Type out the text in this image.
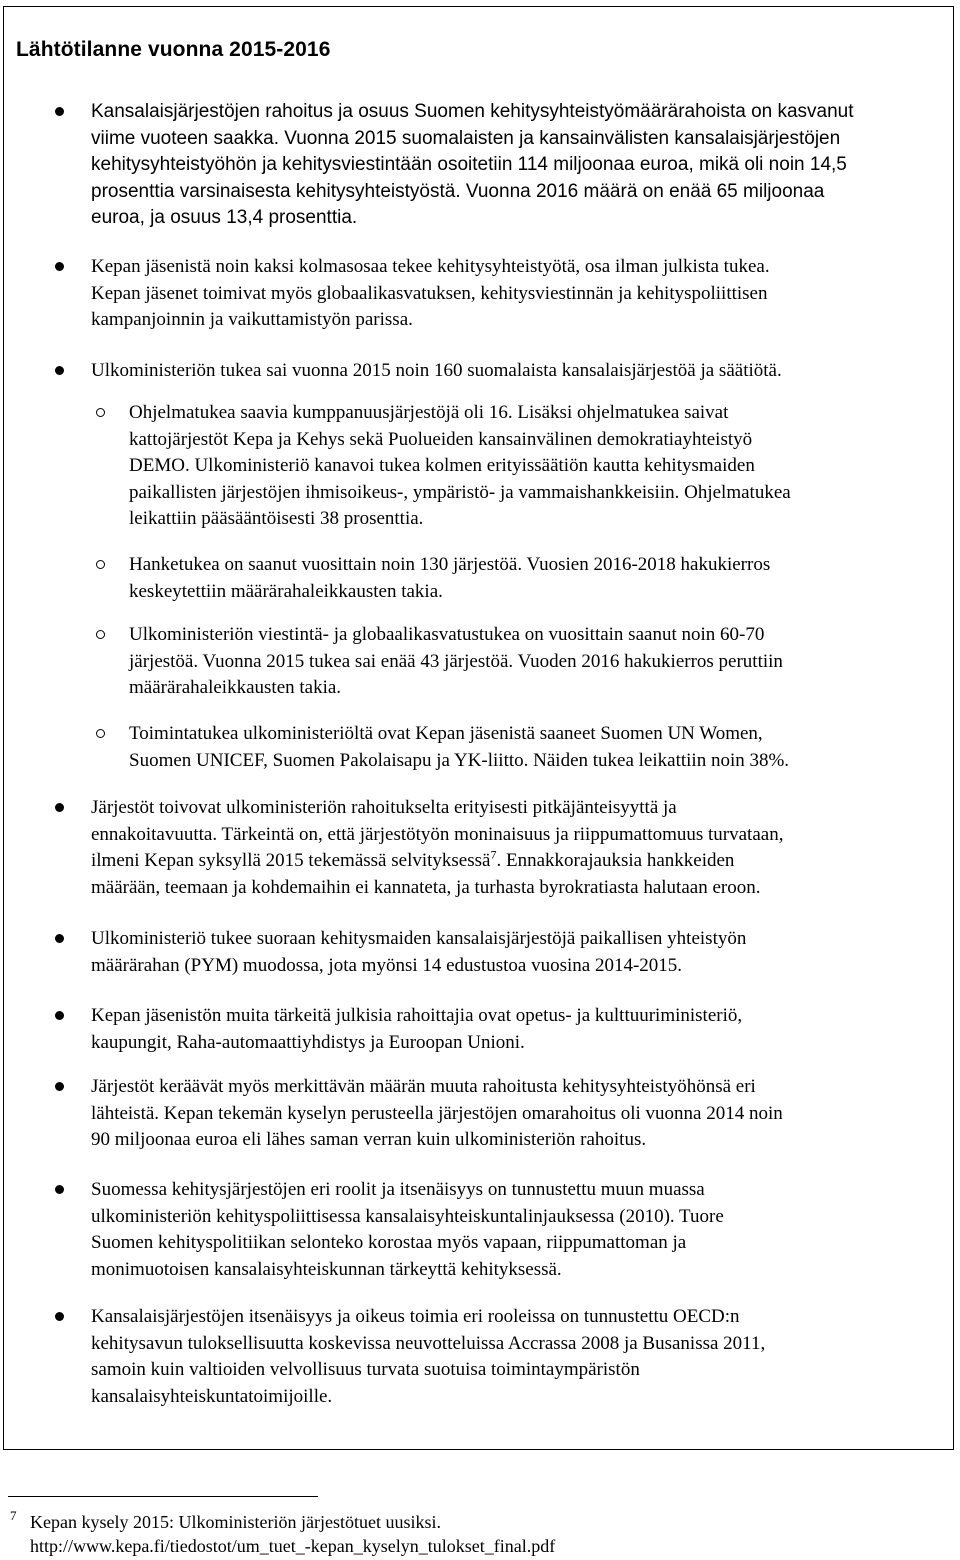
Lähtötilanne vuonna 2015-2016
Kansalaisjärjestöjen rahoitus ja osuus Suomen kehitysyhteistyömäärärahoista on kasvanut
viime vuoteen saakka. Vuonna 2015 suomalaisten ja kansainvälisten kansalaisjärjestöjen
kehitysyhteistyöhön ja kehitysviestintään osoitetiin 114 miljoonaa euroa, mikä oli noin 14,5
prosenttia varsinaisesta kehitysyhteistyöstä. Vuonna 2016 määrä on enää 65 miljoonaa
euroa, ja osuus 13,4 prosenttia.
Kepan jäsenistä noin kaksi kolmasosaa tekee kehitysyhteistyötä, osa ilman julkista tukea.
Kepan jäsenet toimivat myös globaalikasvatuksen, kehitysviestinnän ja kehityspoliittisen
kampanjoinnin ja vaikuttamistyön parissa.
Ulkoministeriön tukea sai vuonna 2015 noin 160 suomalaista kansalaisjärjestöä ja säätiötä.
Ohjelmatukea saavia kumppanuusjärjestöjä oli 16. Lisäksi ohjelmatukea saivat
kattojärjestöt Kepa ja Kehys sekä Puolueiden kansainvälinen demokratiayhteistyö
DEMO. Ulkoministeriö kanavoi tukea kolmen erityissäätiön kautta kehitysmaiden
paikallisten järjestöjen ihmisoikeus-, ympäristö- ja vammaishankkeisiin. Ohjelmatukea
leikattiin pääsääntöisesti 38 prosenttia.
Hanketukea on saanut vuosittain noin 130 järjestöä. Vuosien 2016-2018 hakukierros
keskeytettiin määrärahaleikkausten takia.
Ulkoministeriön viestintä- ja globaalikasvatustukea on vuosittain saanut noin 60-70
järjestöä. Vuonna 2015 tukea sai enää 43 järjestöä. Vuoden 2016 hakukierros peruttiin
määrärahaleikkausten takia.
Toimintatukea ulkoministeriöltä ovat Kepan jäsenistä saaneet Suomen UN Women,
Suomen UNICEF, Suomen Pakolaisapu ja YK-liitto. Näiden tukea leikattiin noin 38%.
Järjestöt toivovat ulkoministeriön rahoitukselta erityisesti pitkäjänteisyyttä ja
ennakoitavuutta. Tärkeintä on, että järjestötyön moninaisuus ja riippumattomuus turvataan,
ilmeni Kepan syksyllä 2015 tekemässä selvityksessä$^7$. Ennakkorajauksia hankkeiden
määrään, teemaan ja kohdemaihin ei kannateta, ja turhasta byrokratiasta halutaan eroon.
Ulkoministeriö tukee suoraan kehitysmaiden kansalaisjärjestöjä paikallisen yhteistyön
määrärahan (PYM) muodossa, jota myönsi 14 edustustoa vuosina 2014-2015.
Kepan jäsenistön muita tärkeitä julkisia rahoittajia ovat opetus- ja kulttuuriministeriö,
kaupungit, Raha-automaattiyhdistys ja Euroopan Unioni.
Järjestöt keräävät myös merkittävän määrän muuta rahoitusta kehitysyhteistyöhönsä eri
lähteistä. Kepan tekemän kyselyn perusteella järjestöjen omarahoitus oli vuonna 2014 noin
90 miljoonaa euroa eli lähes saman verran kuin ulkoministeriön rahoitus.
Suomessa kehitysjärjestöjen eri roolit ja itsenäisyys on tunnustettu muun muassa
ulkoministeriön kehityspoliittisessa kansalaisyhteiskuntalinjauksessa (2010). Tuore
Suomen kehityspolitiikan selonteko korostaa myös vapaan, riippumattoman ja
monimuotoisen kansalaisyhteiskunnan tärkeyttä kehityksessä.
Kansalaisjärjestöjen itsenäisyys ja oikeus toimia eri rooleissa on tunnustettu OECD:n
kehitysavun tuloksellisuutta koskevissa neuvotteluissa Accrassa 2008 ja Busanissa 2011,
samoin kuin valtioiden velvollisuus turvata suotuisa toimintaympäristön
kansalaisyhteiskuntatoimijoille.
7 Kepan kysely 2015: Ulkoministeriön järjestötuet uusiksi.
http://www.kepa.fi/tiedostot/um_tuet_-kepan_kyselyn_tulokset_final.pdf
